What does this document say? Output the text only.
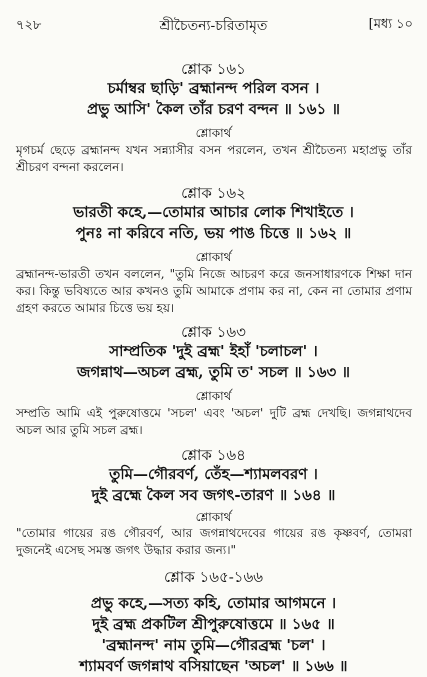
৭২৮	শ্রীচৈতন্য-চরিতামৃত	[মধ্য ১০
শ্লোক ১৬১
চর্মাম্বর ছাড়ি' ব্রহ্মানন্দ পরিল বসন ।
প্রভু আসি' কৈল তাঁর চরণ বন্দন ॥ ১৬১ ॥
শ্লোকার্থ
মৃগচর্ম ছেড়ে ব্রহ্মানন্দ যখন সন্ন্যাসীর বসন পরলেন, তখন শ্রীচৈতন্য মহাপ্রভু তাঁর শ্রীচরণ বন্দনা করলেন।
শ্লোক ১৬২
ভারতী কহে,—তোমার আচার লোক শিখাইতে ।
পুনঃ না করিবে নতি, ভয় পাঙ চিত্তে ॥ ১৬২ ॥
শ্লোকার্থ
ব্রহ্মানন্দ-ভারতী তখন বললেন, "তুমি নিজে আচরণ করে জনসাধারণকে শিক্ষা দান কর। কিন্তু ভবিষ্যতে আর কখনও তুমি আমাকে প্রণাম কর না, কেন না তোমার প্রণাম গ্রহণ করতে আমার চিত্তে ভয় হয়।
শ্লোক ১৬৩
সাম্প্রতিক 'দুই ব্রহ্ম' ইহাঁ 'চলাচল' ।
জগন্নাথ—অচল ব্রহ্ম, তুমি ত' সচল ॥ ১৬৩ ॥
শ্লোকার্থ
সম্প্রতি আমি এই পুরুষোত্তমে 'সচল' এবং 'অচল' দুটি ব্রহ্ম দেখছি। জগন্নাথদেব অচল আর তুমি সচল ব্রহ্ম।
শ্লোক ১৬৪
তুমি—গৌরবর্ণ, তেঁহ—শ্যামলবরণ ।
দুই ব্রহ্মে কৈল সব জগৎ-তারণ ॥ ১৬৪ ॥
শ্লোকার্থ
"তোমার গায়ের রঙ গৌরবর্ণ, আর জগন্নাথদেবের গায়ের রঙ কৃষ্ণবর্ণ, তোমরা দুজনেই এসেছ সমস্ত জগৎ উদ্ধার করার জন্য।"
শ্লোক ১৬৫-১৬৬
প্রভু কহে,—সত্য কহি, তোমার আগমনে ।
দুই ব্রহ্ম প্রকটিল শ্রীপুরুষোত্তমে ॥ ১৬৫ ॥
'ব্রহ্মানন্দ' নাম তুমি—গৌরব্রহ্ম 'চল' ।
শ্যামবর্ণ জগন্নাথ বসিয়াছেন 'অচল' ॥ ১৬৬ ॥
